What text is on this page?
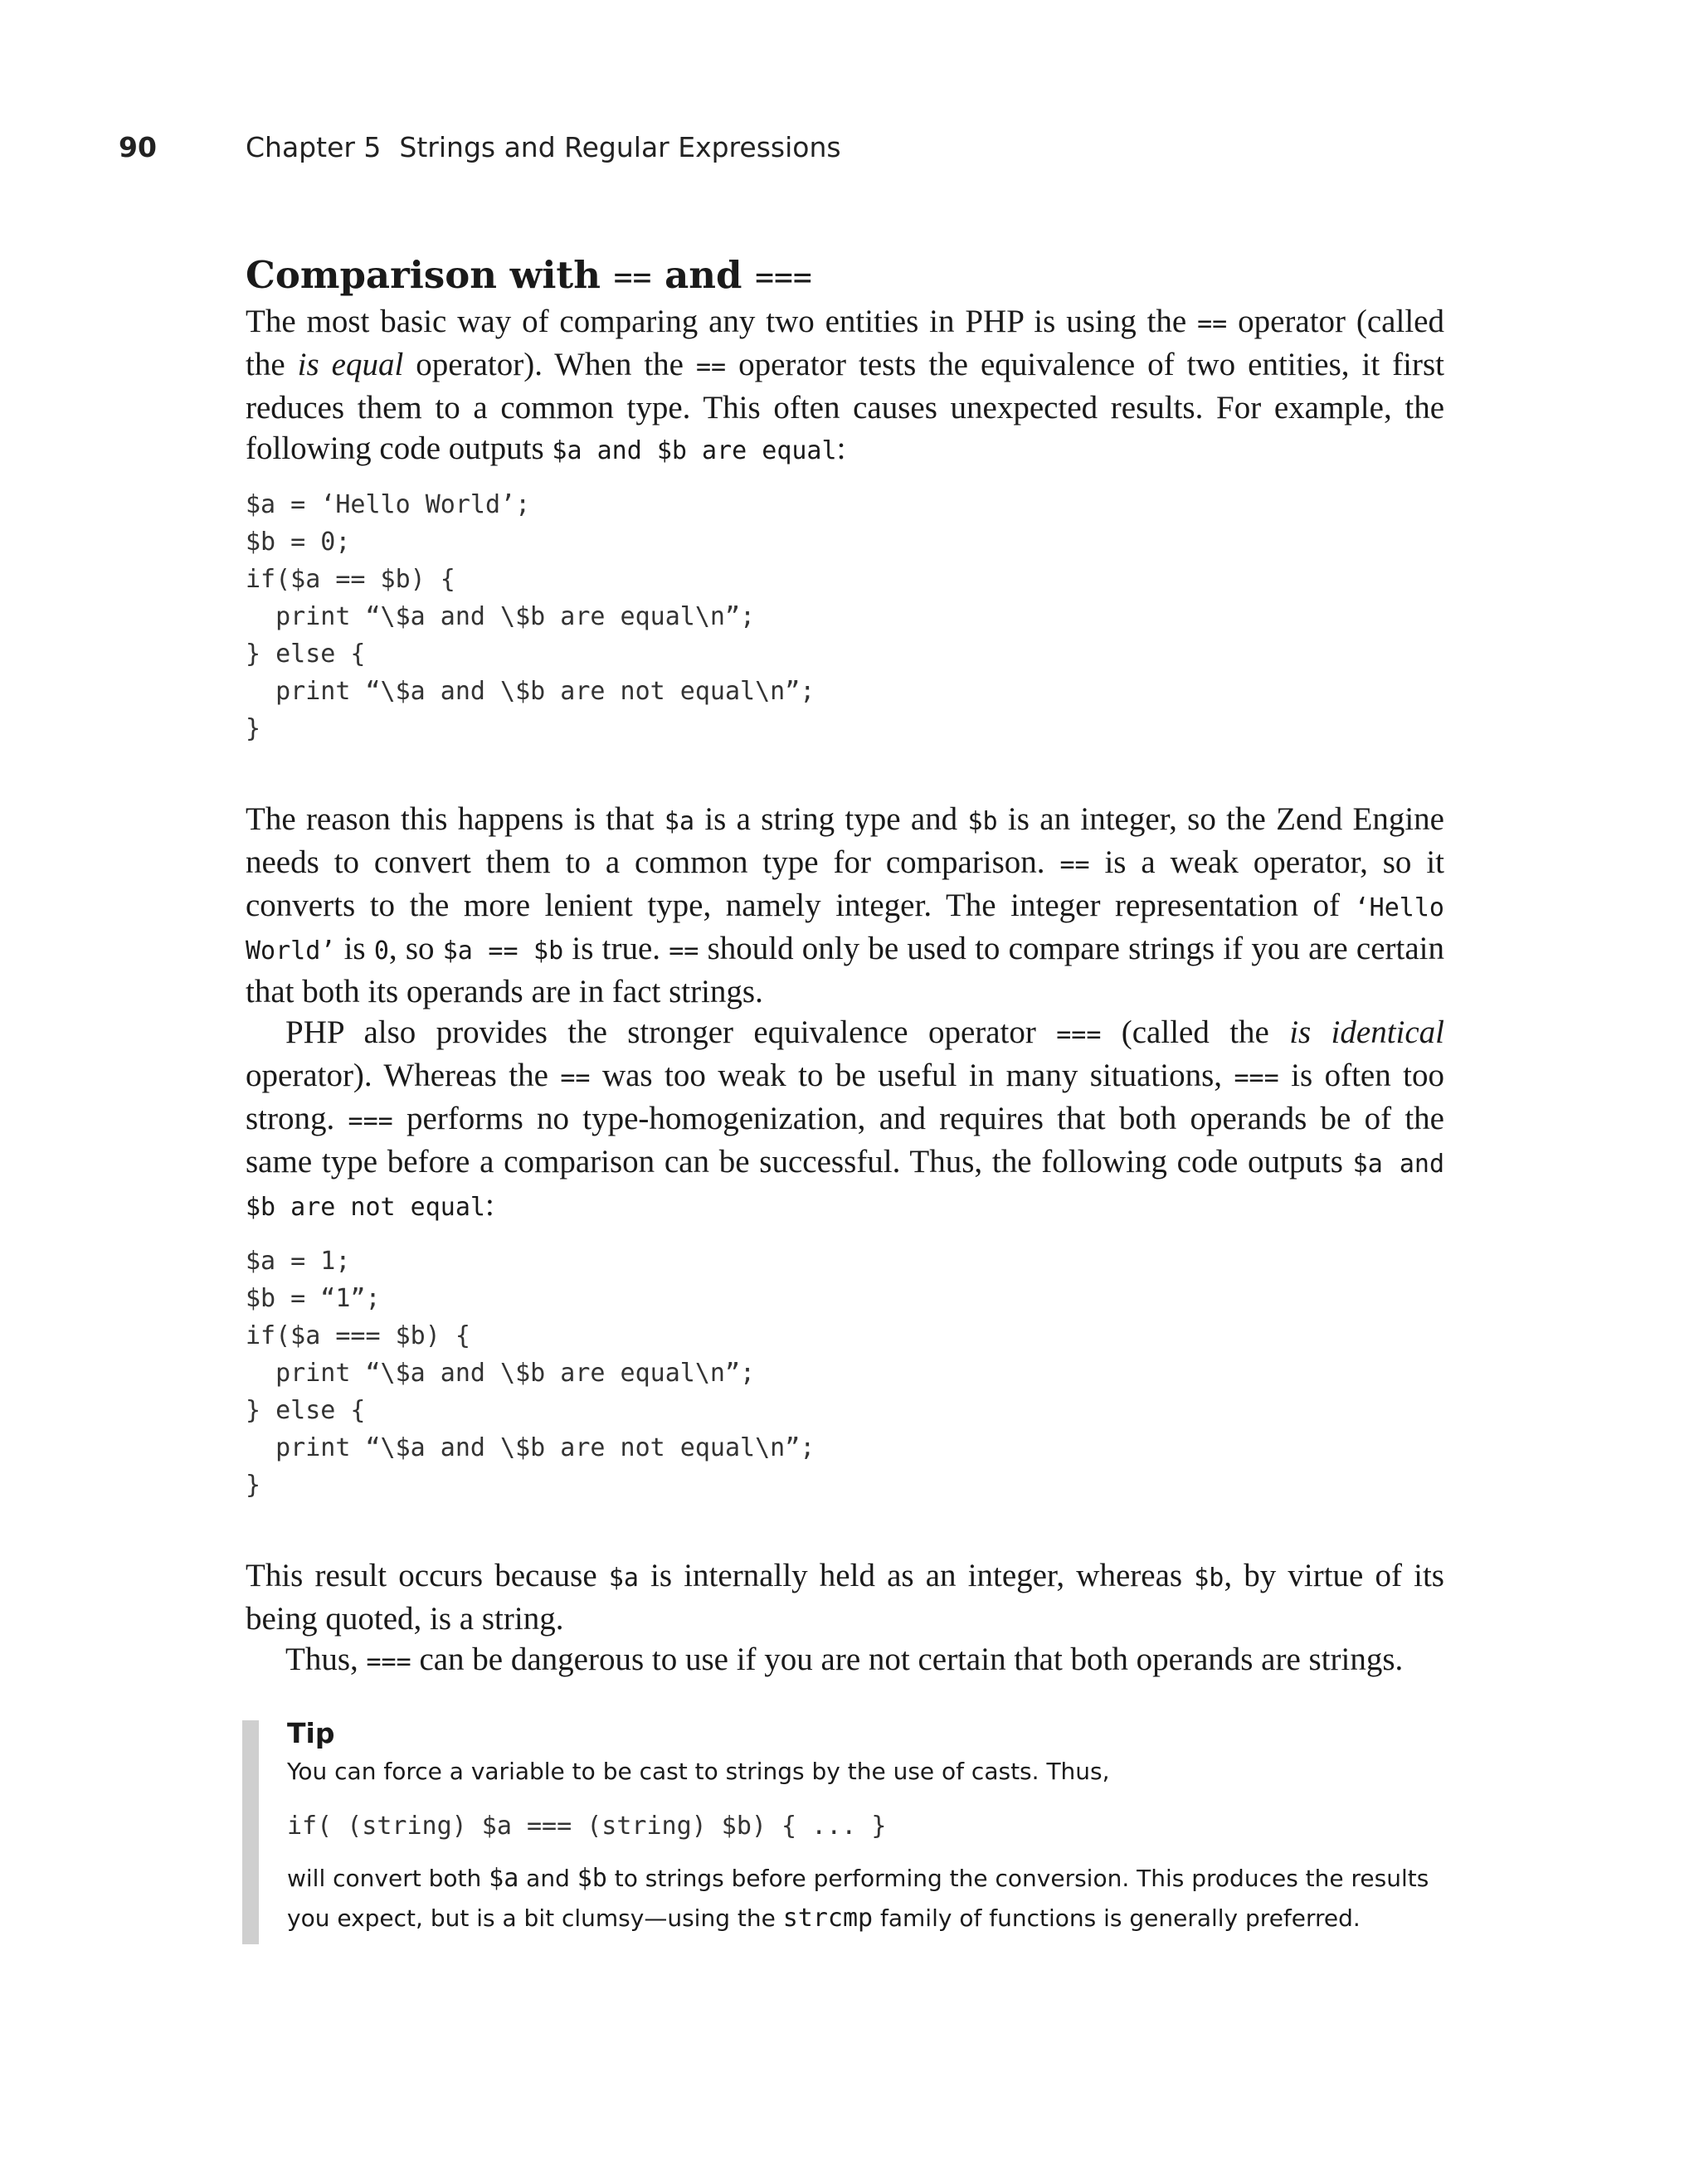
90	Chapter 5 Strings and Regular Expressions
Comparison with == and ===

The most basic way of comparing any two entities in PHP is using the == operator (called the is equal operator). When the == operator tests the equivalence of two entities, it first reduces them to a common type. This often causes unexpected results. For example, the following code outputs $a and $b are equal:

$a = ‘Hello World’;
$b = 0;
if($a == $b) {
print “\$a and \$b are equal\n”;
} else {
print “\$a and \$b are not equal\n”;
}

The reason this happens is that $a is a string type and $b is an integer, so the Zend Engine needs to convert them to a common type for comparison. == is a weak operator, so it converts to the more lenient type, namely integer. The integer representation of ‘Hello World’ is 0, so $a == $b is true. == should only be used to compare strings if you are certain that both its operands are in fact strings.

PHP also provides the stronger equivalence operator === (called the is identical operator). Whereas the == was too weak to be useful in many situations, === is often too strong. === performs no type-homogenization, and requires that both operands be of the same type before a comparison can be successful. Thus, the following code outputs $a and $b are not equal:

$a = 1;
$b = “1”;
if($a === $b) {
print “\$a and \$b are equal\n”;
} else {
print “\$a and \$b are not equal\n”;
}

This result occurs because $a is internally held as an integer, whereas $b, by virtue of its being quoted, is a string.

Thus, === can be dangerous to use if you are not certain that both operands are strings.

Tip
You can force a variable to be cast to strings by the use of casts. Thus,
if( (string) $a === (string) $b) { ... }
will convert both $a and $b to strings before performing the conversion. This produces the results you expect, but is a bit clumsy—using the strcmp family of functions is generally preferred.
